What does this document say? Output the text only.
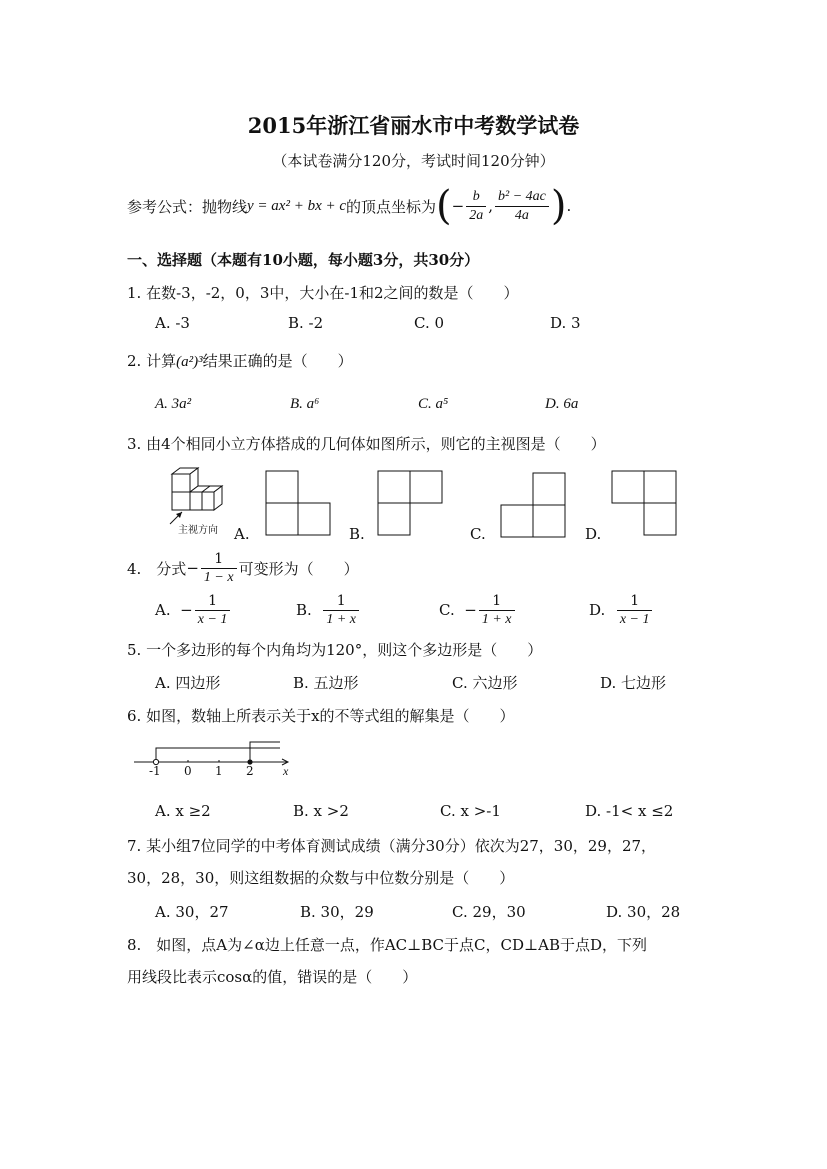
2015年浙江省丽水市中考数学试卷
（本试卷满分120分，考试时间120分钟）
参考公式：抛物线 y = ax² + bx + c 的顶点坐标为 ( − $\frac{b}{2a}$ , $\frac{\text{b² − 4ac}}{4a}$ ) .
一、选择题（本题有10小题，每小题3分，共30分）
1. 在数-3，-2，0，3中，大小在-1和2之间的数是（　　）
A. -3	B. -2	C. 0	D. 3
2. 计算(a²)³结果正确的是（　　）
A. 3a²	B. a⁶	C. a⁵	D. 6a
3. 由4个相同小立方体搭成的几何体如图所示，则它的主视图是（　　）
主视方向 A.	B.	C.	D.
4.　分式 − $\frac{1}{1 - x}$ 可变形为（　　）
A.
− $\frac{1}{x - 1}$	B.
$\frac{1}{1 + x}$	C.
− $\frac{1}{1 + x}$	D.
$\frac{1}{x - 1}$
5. 一个多边形的每个内角均为120°，则这个多边形是（　　）
A. 四边形	B. 五边形	C. 六边形	D. 七边形
6. 如图，数轴上所表示关于x的不等式组的解集是（　　）
-1 0 1 2 x
A. x ≥2	B. x >2	C. x >-1	D. -1< x ≤2
7. 某小组7位同学的中考体育测试成绩（满分30分）依次为27，30，29，27，
30，28，30，则这组数据的众数与中位数分别是（　　）
A. 30，27	B. 30，29	C. 29，30	D. 30，28
8.　如图，点A为∠α边上任意一点，作AC⊥BC于点C，CD⊥AB于点D，下列
用线段比表示cosα的值，错误的是（　　）
